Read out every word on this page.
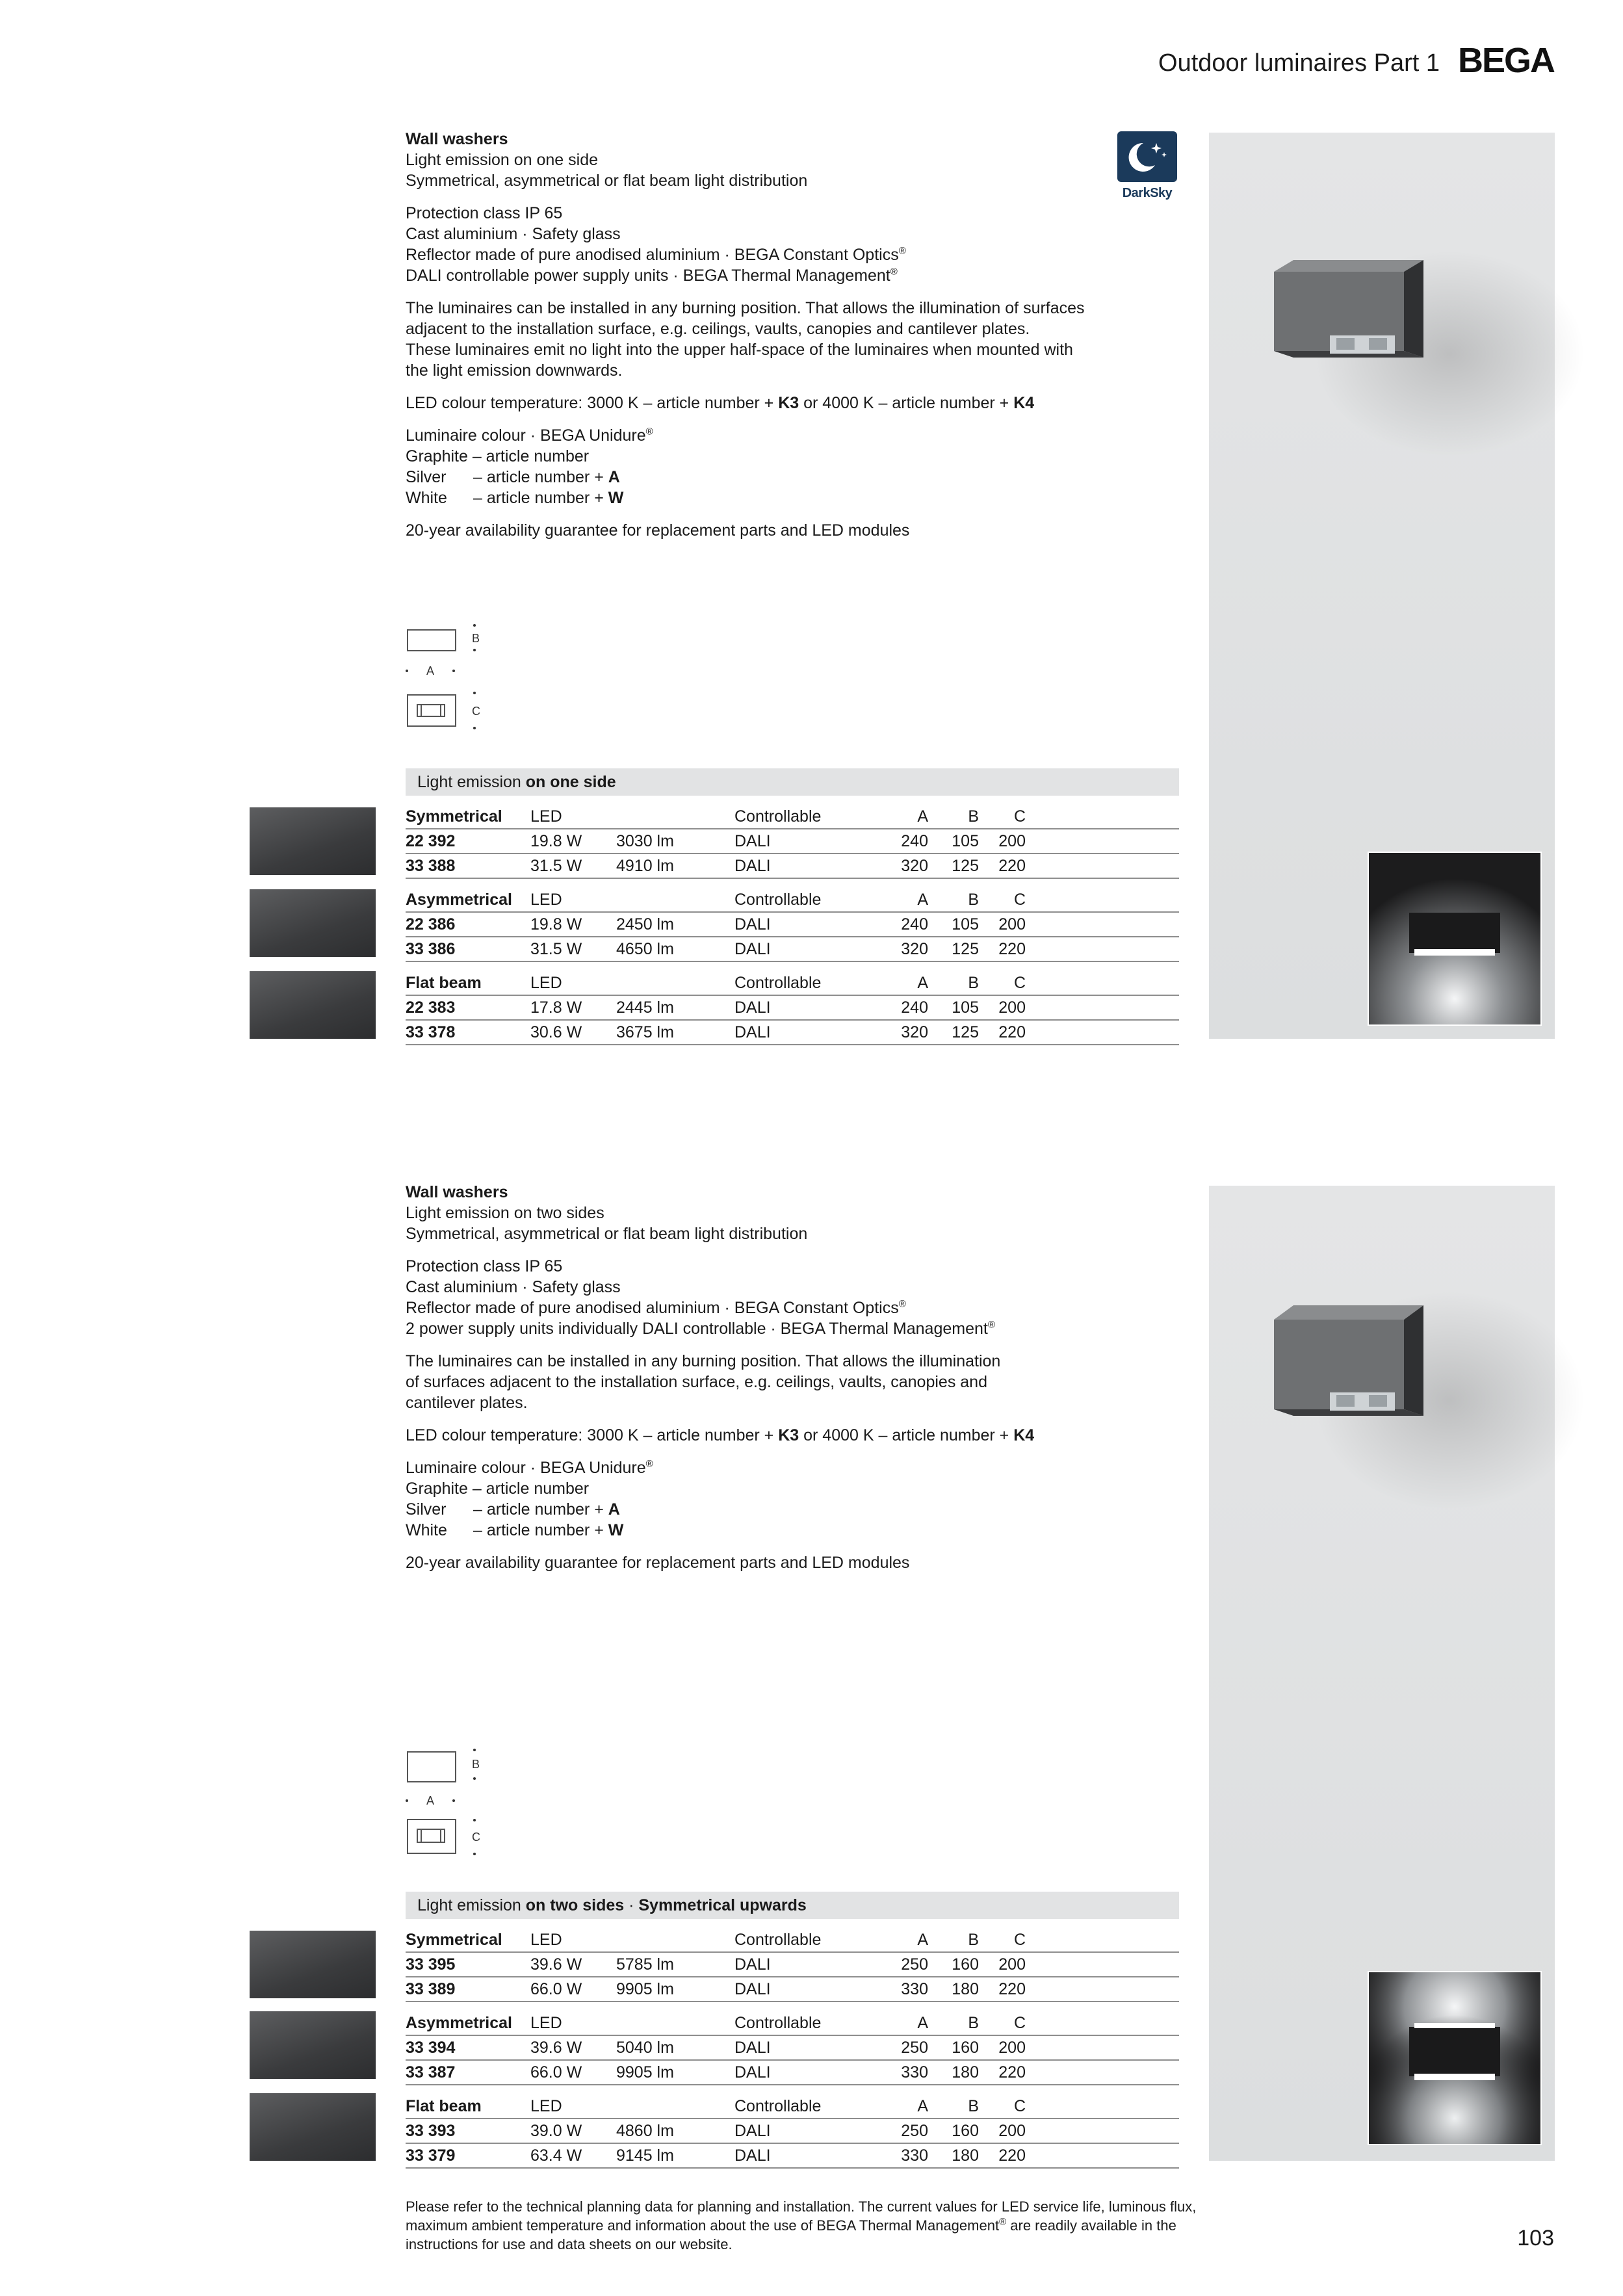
Outdoor luminaires Part 1 BEGA
DarkSky

Wall washers
Light emission on one side
Symmetrical, asymmetrical or flat beam light distribution

Protection class IP 65
Cast aluminium · Safety glass
Reflector made of pure anodised aluminium · BEGA Constant Optics®
DALI controllable power supply units · BEGA Thermal Management®

The luminaires can be installed in any burning position. That allows the illumination of surfaces
adjacent to the installation surface, e.g. ceilings, vaults, canopies and cantilever plates.
These luminaires emit no light into the upper half-space of the luminaires when mounted with
the light emission downwards.

LED colour temperature: 3000 K – article number + K3 or 4000 K – article number + K4

Luminaire colour · BEGA Unidure®
Graphite – article number
Silver – article number + A
White – article number + W

20-year availability guarantee for replacement parts and LED modules

B
A
C
Light emission on one side
Symmetrical LED	Controllable	A	B	C
22 392	19.8 W 3030 lm	DALI	240	105	200
33 388	31.5 W 4910 lm	DALI	320	125	220
Asymmetrical LED	Controllable	A	B	C
22 386	19.8 W 2450 lm	DALI	240	105	200
33 386	31.5 W 4650 lm	DALI	320	125	220
Flat beam	LED	Controllable	A	B	C
22 383	17.8 W 2445 lm	DALI	240	105	200
33 378	30.6 W 3675 lm	DALI	320	125	220

Wall washers
Light emission on two sides
Symmetrical, asymmetrical or flat beam light distribution

Protection class IP 65
Cast aluminium · Safety glass
Reflector made of pure anodised aluminium · BEGA Constant Optics®
2 power supply units individually DALI controllable · BEGA Thermal Management®

The luminaires can be installed in any burning position. That allows the illumination
of surfaces adjacent to the installation surface, e.g. ceilings, vaults, canopies and
cantilever plates.

LED colour temperature: 3000 K – article number + K3 or 4000 K – article number + K4

Luminaire colour · BEGA Unidure®
Graphite – article number
Silver – article number + A
White – article number + W

20-year availability guarantee for replacement parts and LED modules

B
A
C
Light emission on two sides · Symmetrical upwards
Symmetrical LED	Controllable	A	B	C
33 395	39.6 W 5785 lm	DALI	250	160	200
33 389	66.0 W 9905 lm	DALI	330	180	220
Asymmetrical LED	Controllable	A	B	C
33 394	39.6 W 5040 lm	DALI	250	160	200
33 387	66.0 W 9905 lm	DALI	330	180	220
Flat beam	LED	Controllable	A	B	C
33 393	39.0 W 4860 lm	DALI	250	160	200
33 379	63.4 W 9145 lm	DALI	330	180	220
Please refer to the technical planning data for planning and installation. The current values for LED service life, luminous flux,
maximum ambient temperature and information about the use of BEGA Thermal Management® are readily available in the
instructions for use and data sheets on our website.	103
